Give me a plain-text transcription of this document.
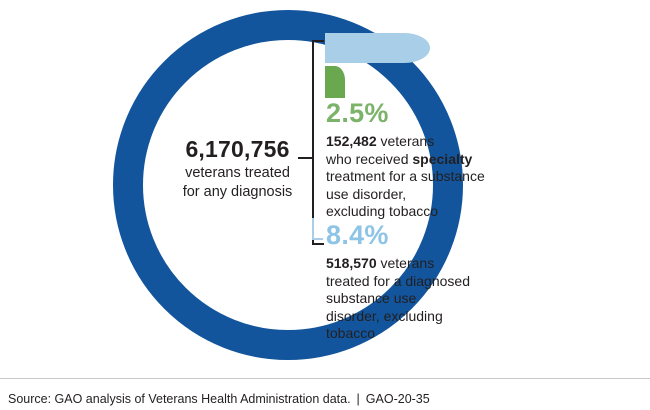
6,170,756
veterans treated
for any diagnosis
2.5%
152,482 veterans
who received specialty
treatment for a substance
use disorder,
excluding tobacco
8.4%
518,570 veterans
treated for a diagnosed
substance use
disorder, excluding
tobacco
Source: GAO analysis of Veterans Health Administration data. | GAO-20-35
